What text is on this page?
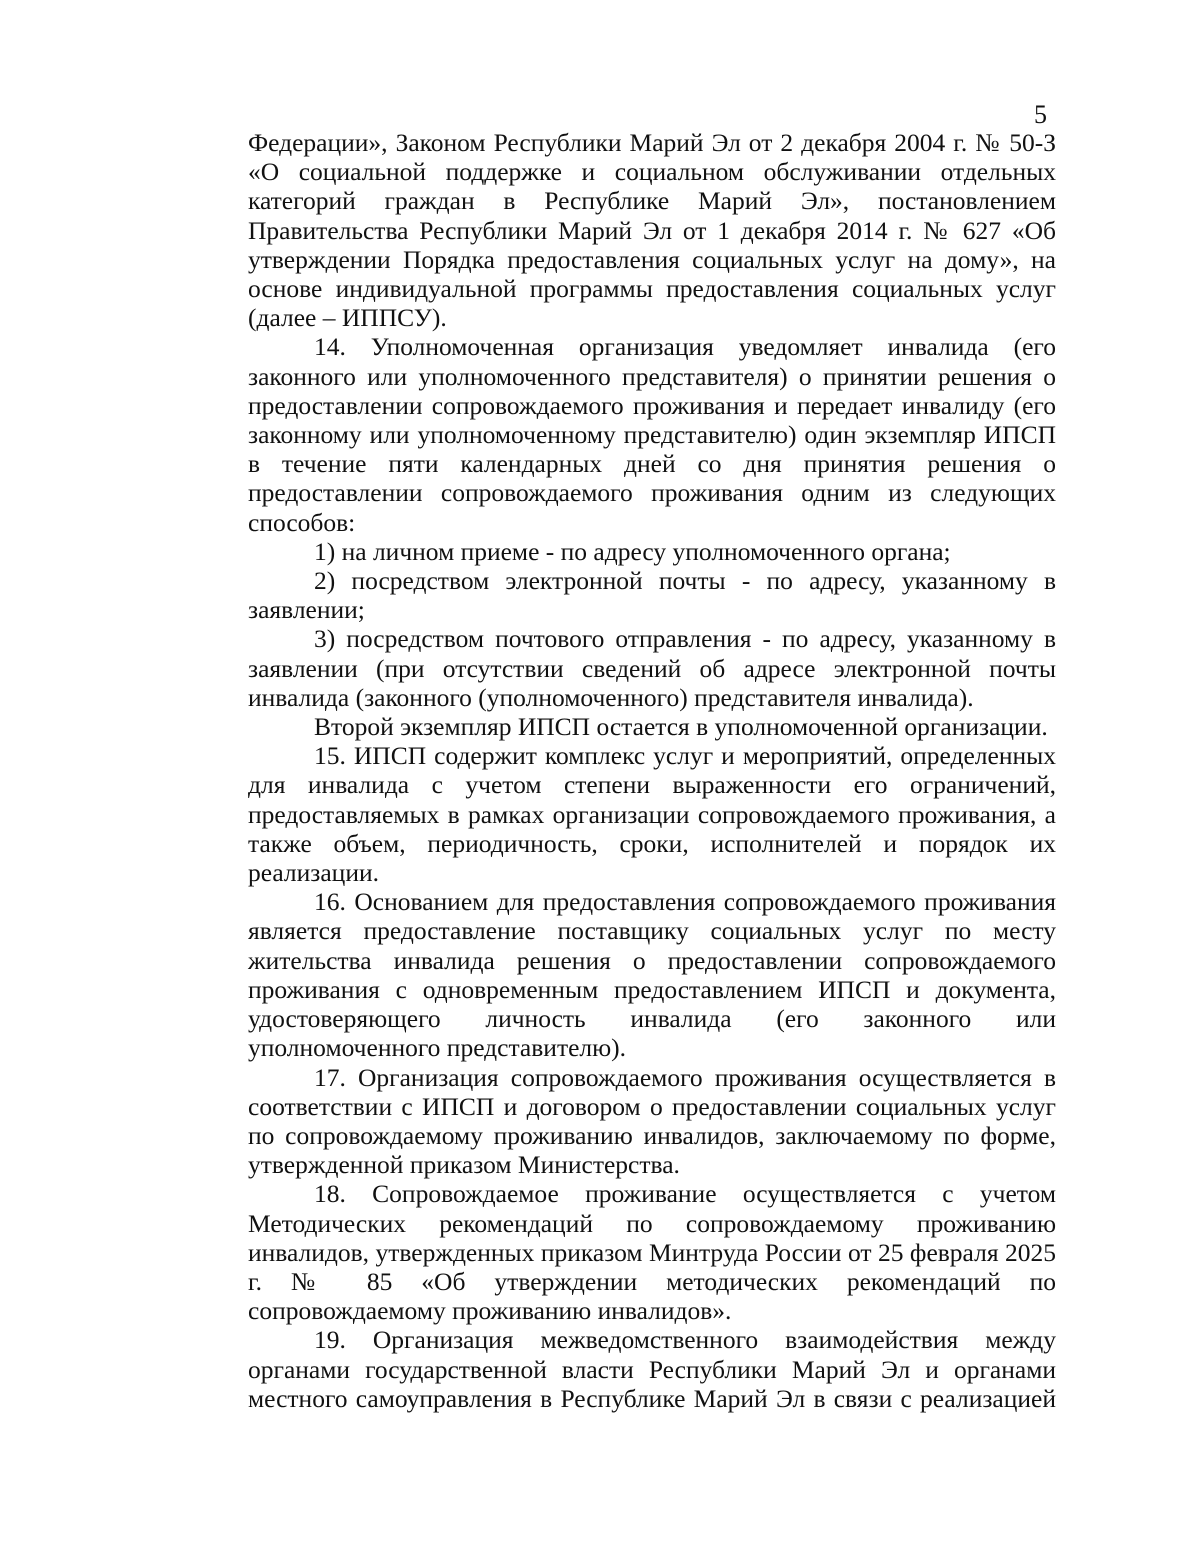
5

Федерации», Законом Республики Марий Эл от 2 декабря 2004 г. № 50-З «О социальной поддержке и социальном обслуживании отдельных категорий граждан в Республике Марий Эл», постановлением Правительства Республики Марий Эл от 1 декабря 2014 г. № 627 «Об утверждении Порядка предоставления социальных услуг на дому», на основе индивидуальной программы предоставления социальных услуг (далее – ИППСУ).

14. Уполномоченная организация уведомляет инвалида (его законного или уполномоченного представителя) о принятии решения о предоставлении сопровождаемого проживания и передает инвалиду (его законному или уполномоченному представителю) один экземпляр ИПСП в течение пяти календарных дней со дня принятия решения о предоставлении сопровождаемого проживания одним из следующих способов:

1) на личном приеме - по адресу уполномоченного органа;

2) посредством электронной почты - по адресу, указанному в заявлении;

3) посредством почтового отправления - по адресу, указанному в заявлении (при отсутствии сведений об адресе электронной почты инвалида (законного (уполномоченного) представителя инвалида).

Второй экземпляр ИПСП остается в уполномоченной организации.

15. ИПСП содержит комплекс услуг и мероприятий, определенных для инвалида с учетом степени выраженности его ограничений, предоставляемых в рамках организации сопровождаемого проживания, а также объем, периодичность, сроки, исполнителей и порядок их реализации.

16. Основанием для предоставления сопровождаемого проживания является предоставление поставщику социальных услуг по месту жительства инвалида решения о предоставлении сопровождаемого проживания с одновременным предоставлением ИПСП и документа, удостоверяющего личность инвалида (его законного или уполномоченного представителю).

17. Организация сопровождаемого проживания осуществляется в соответствии с ИПСП и договором о предоставлении социальных услуг по сопровождаемому проживанию инвалидов, заключаемому по форме, утвержденной приказом Министерства.

18. Сопровождаемое проживание осуществляется с учетом Методических рекомендаций по сопровождаемому проживанию инвалидов, утвержденных приказом Минтруда России от 25 февраля 2025 г. № 85 «Об утверждении методических рекомендаций по сопровождаемому проживанию инвалидов».

19. Организация межведомственного взаимодействия между органами государственной власти Республики Марий Эл и органами местного самоуправления в Республике Марий Эл в связи с реализацией
